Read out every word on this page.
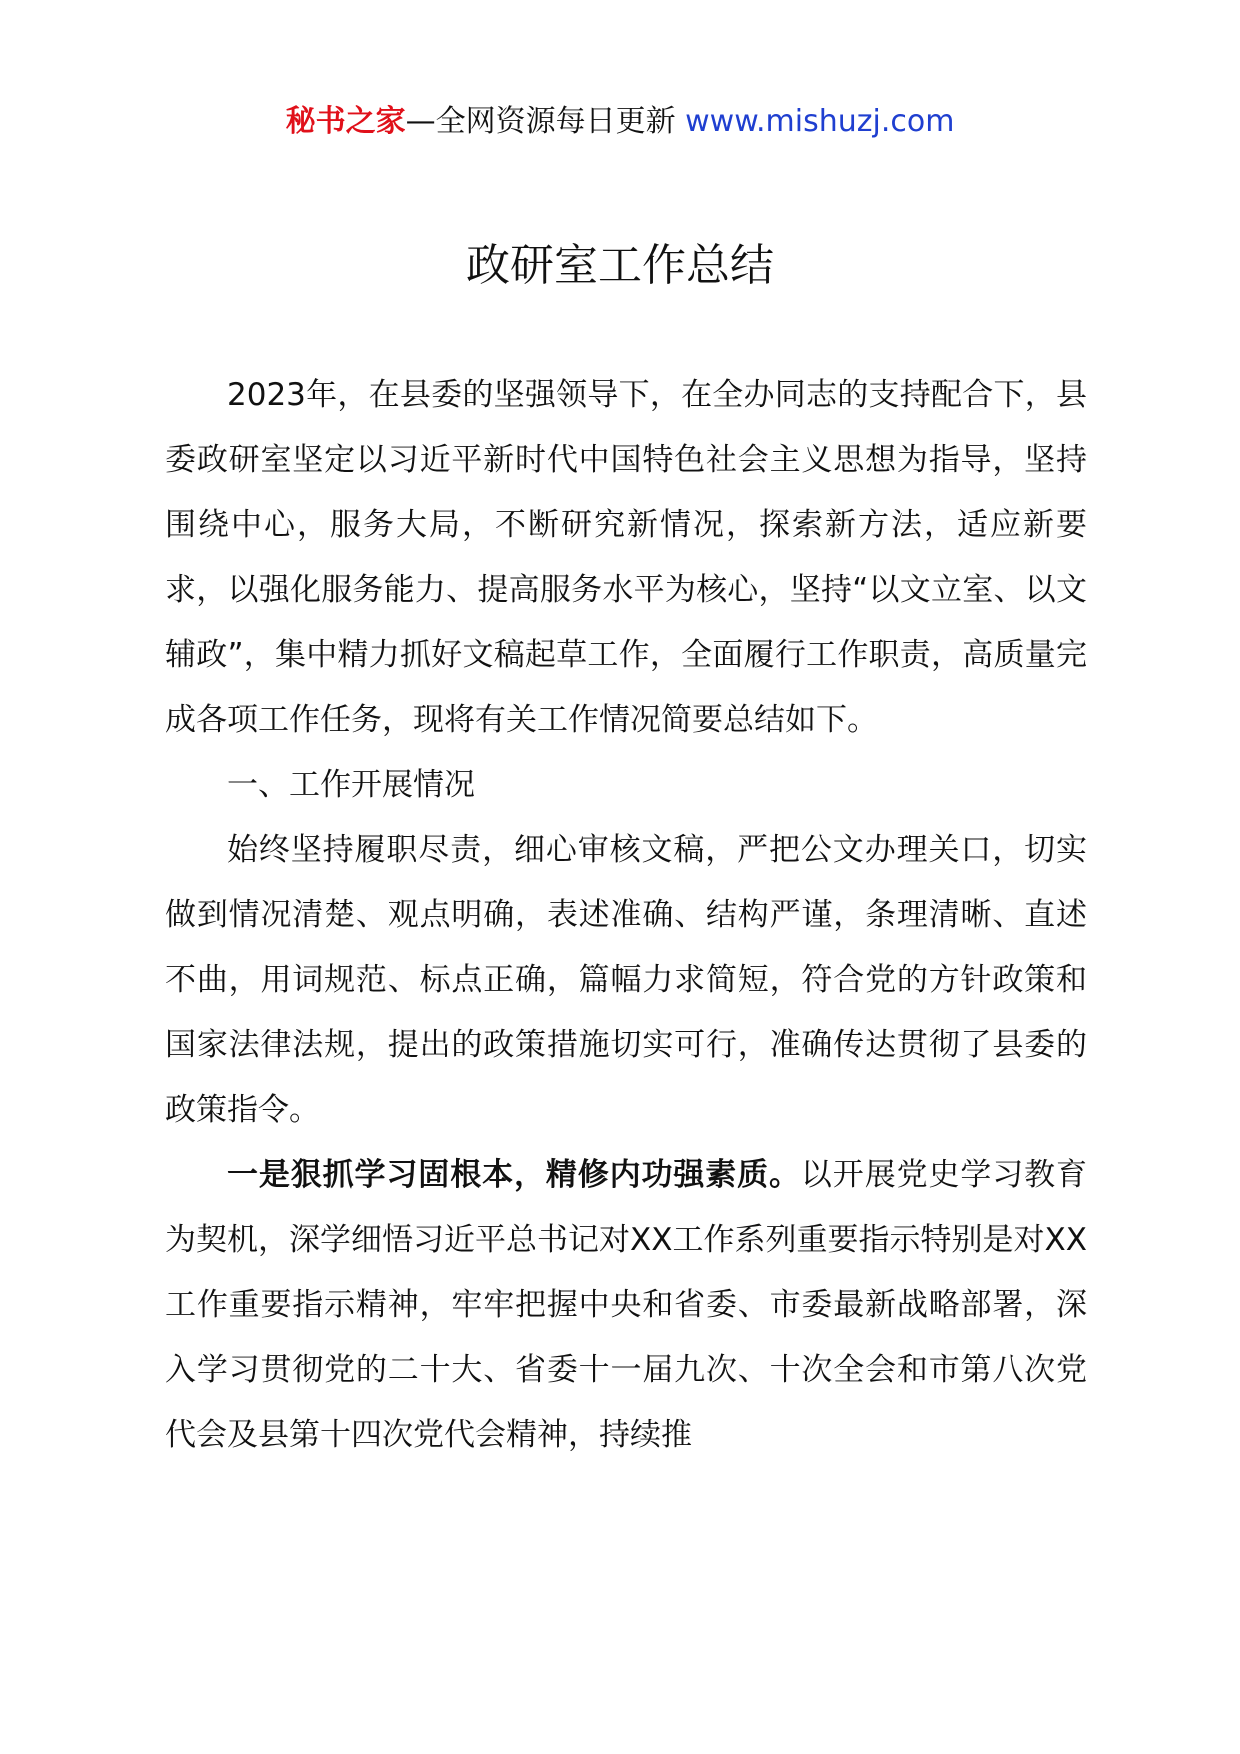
秘书之家—全网资源每日更新 www.mishuzj.com
政研室工作总结

2023年，在县委的坚强领导下，在全办同志的支持配合下，县委政研室坚定以习近平新时代中国特色社会主义思想为指导，坚持围绕中心，服务大局，不断研究新情况，探索新方法，适应新要求，以强化服务能力、提高服务水平为核心，坚持“以文立室、以文辅政”，集中精力抓好文稿起草工作，全面履行工作职责，高质量完成各项工作任务，现将有关工作情况简要总结如下。

一、工作开展情况

始终坚持履职尽责，细心审核文稿，严把公文办理关口，切实做到情况清楚、观点明确，表述准确、结构严谨，条理清晰、直述不曲，用词规范、标点正确，篇幅力求简短，符合党的方针政策和国家法律法规，提出的政策措施切实可行，准确传达贯彻了县委的政策指令。

一是狠抓学习固根本，精修内功强素质。以开展党史学习教育为契机，深学细悟习近平总书记对XX工作系列重要指示特别是对XX工作重要指示精神，牢牢把握中央和省委、市委最新战略部署，深入学习贯彻党的二十大、省委十一届九次、十次全会和市第八次党代会及县第十四次党代会精神，持续推
